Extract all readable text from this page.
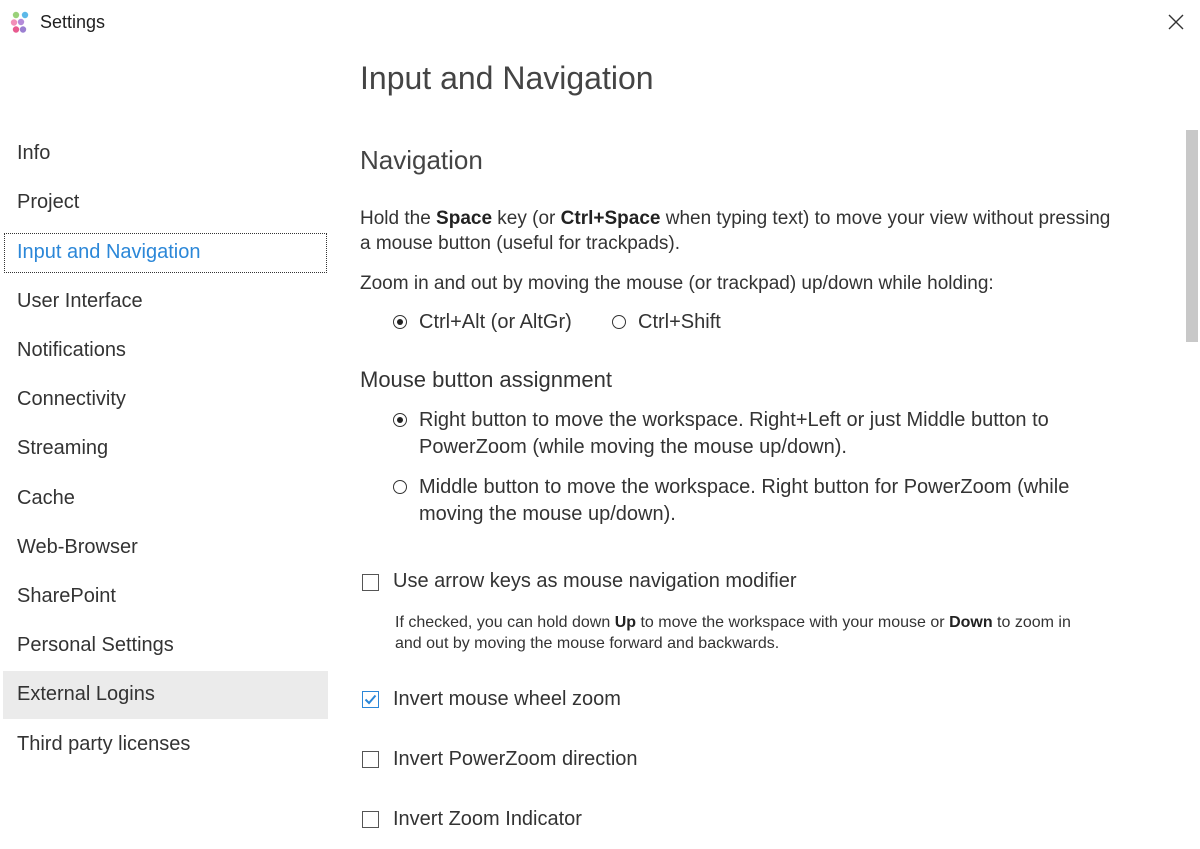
Settings
Info
Project
Input and Navigation
User Interface
Notifications
Connectivity
Streaming
Cache
Web-Browser
SharePoint
Personal Settings
External Logins
Third party licenses
Input and Navigation
Navigation
Hold the Space key (or Ctrl+Space when typing text) to move your view without pressing a mouse button (useful for trackpads).
Zoom in and out by moving the mouse (or trackpad) up/down while holding:
Ctrl+Alt (or AltGr)	Ctrl+Shift
Mouse button assignment
Right button to move the workspace. Right+Left or just Middle button to PowerZoom (while moving the mouse up/down).
Middle button to move the workspace. Right button for PowerZoom (while moving the mouse up/down).
Use arrow keys as mouse navigation modifier
If checked, you can hold down Up to move the workspace with your mouse or Down to zoom in and out by moving the mouse forward and backwards.
Invert mouse wheel zoom
Invert PowerZoom direction
Invert Zoom Indicator
